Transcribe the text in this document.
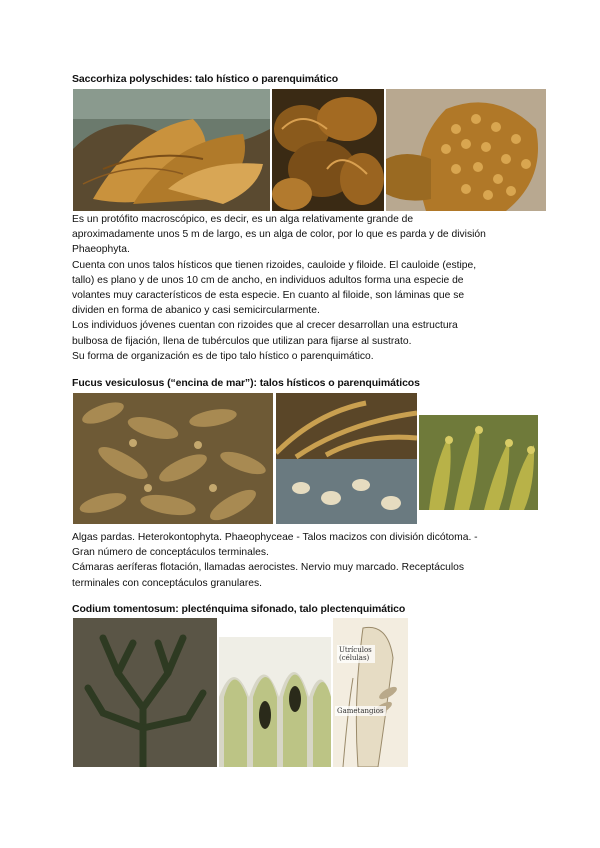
Saccorhiza polyschides: talo hístico o parenquimático
Es un protófito macroscópico, es decir, es un alga relativamente grande de
aproximadamente unos 5 m de largo, es un alga de color, por lo que es parda y de división
Phaeophyta.
Cuenta con unos talos hísticos que tienen rizoides, cauloide y filoide. El cauloide (estipe,
tallo) es plano y de unos 10 cm de ancho, en individuos adultos forma una especie de
volantes muy característicos de esta especie. En cuanto al filoide, son láminas que se
dividen en forma de abanico y casi semicircularmente.
Los individuos jóvenes cuentan con rizoides que al crecer desarrollan una estructura
bulbosa de fijación, llena de tubérculos que utilizan para fijarse al sustrato.
Su forma de organización es de tipo talo hístico o parenquimático.
Fucus vesiculosus (“encina de mar”): talos hísticos o parenquimáticos
Algas pardas. Heterokontophyta. Phaeophyceae - Talos macizos con división dicótoma. -
Gran número de conceptáculos terminales.
Cámaras aeríferas flotación, llamadas aerocistes. Nervio muy marcado. Receptáculos
terminales con conceptáculos granulares.
Codium tomentosum: plecténquima sifonado, talo plectenquimático
Utrículos (células)
Gametangios
